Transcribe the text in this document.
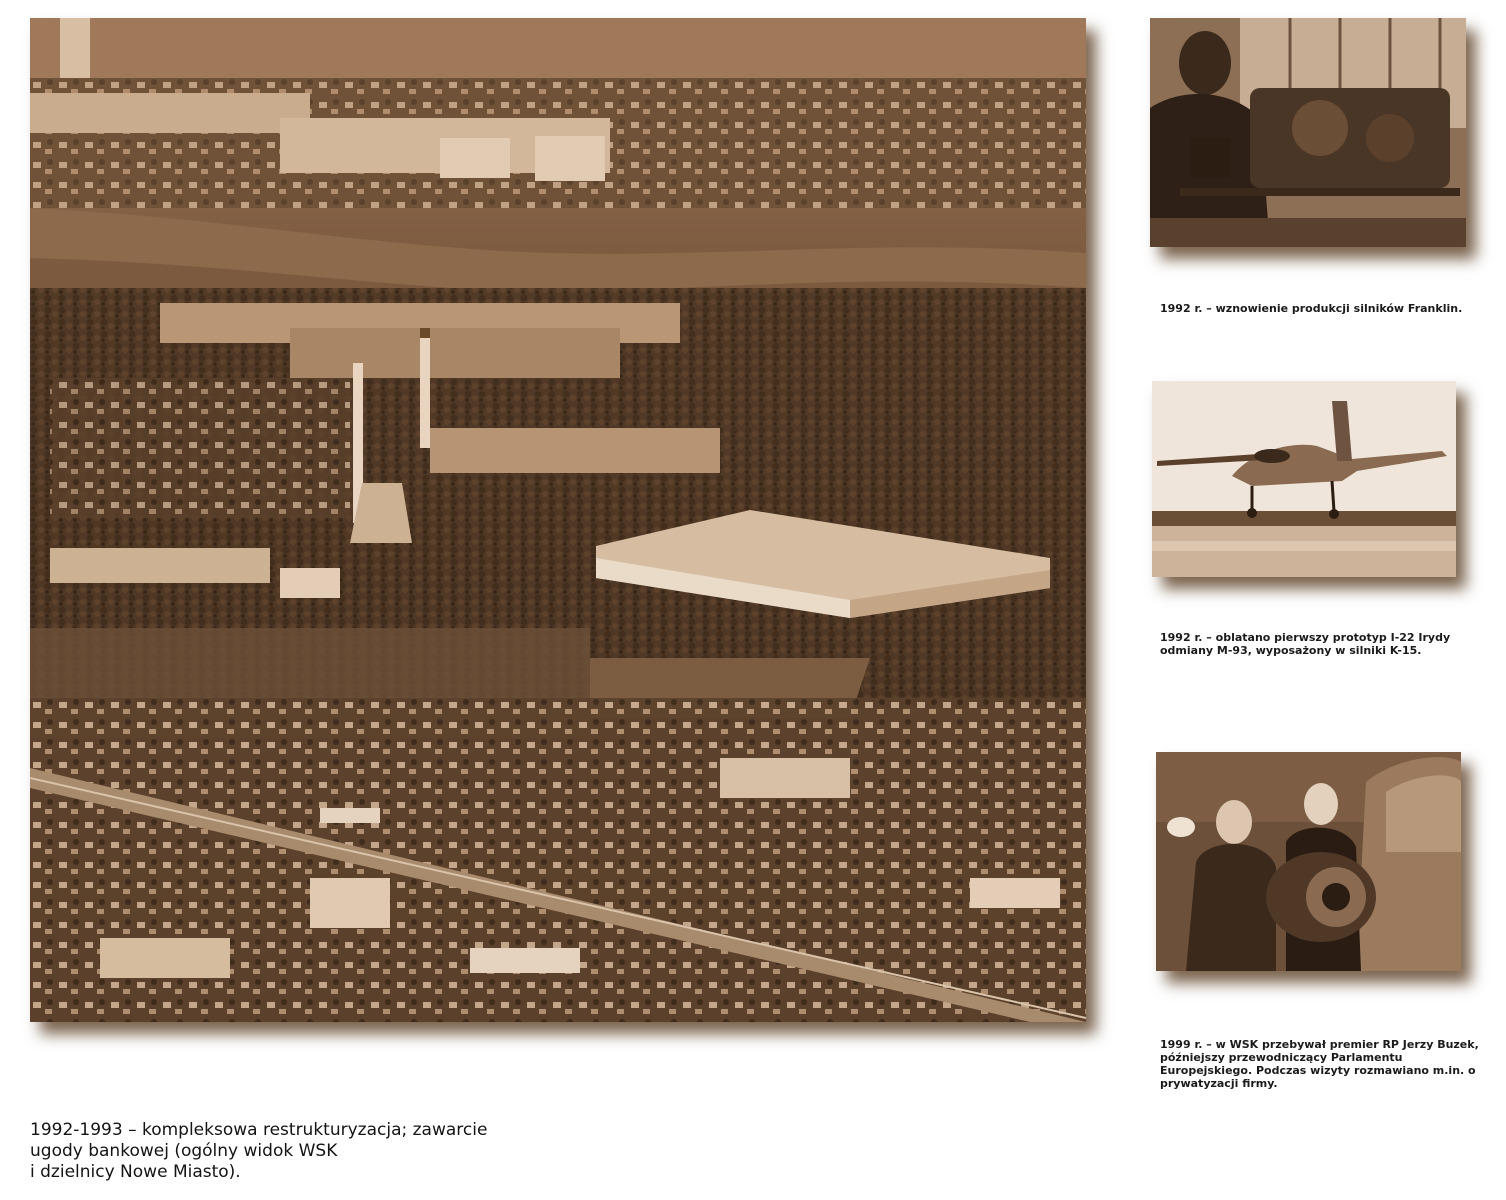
1992 r. – wznowienie produkcji silników Franklin.
1992 r. – oblatano pierwszy prototyp I-22 Irydy
odmiany M-93, wyposażony w silniki K-15.
1999 r. – w WSK przebywał premier RP Jerzy Buzek,
późniejszy przewodniczący Parlamentu
Europejskiego. Podczas wizyty rozmawiano m.in. o
prywatyzacji firmy.
1992-1993 – kompleksowa restrukturyzacja; zawarcie
ugody bankowej (ogólny widok WSK
i dzielnicy Nowe Miasto).
